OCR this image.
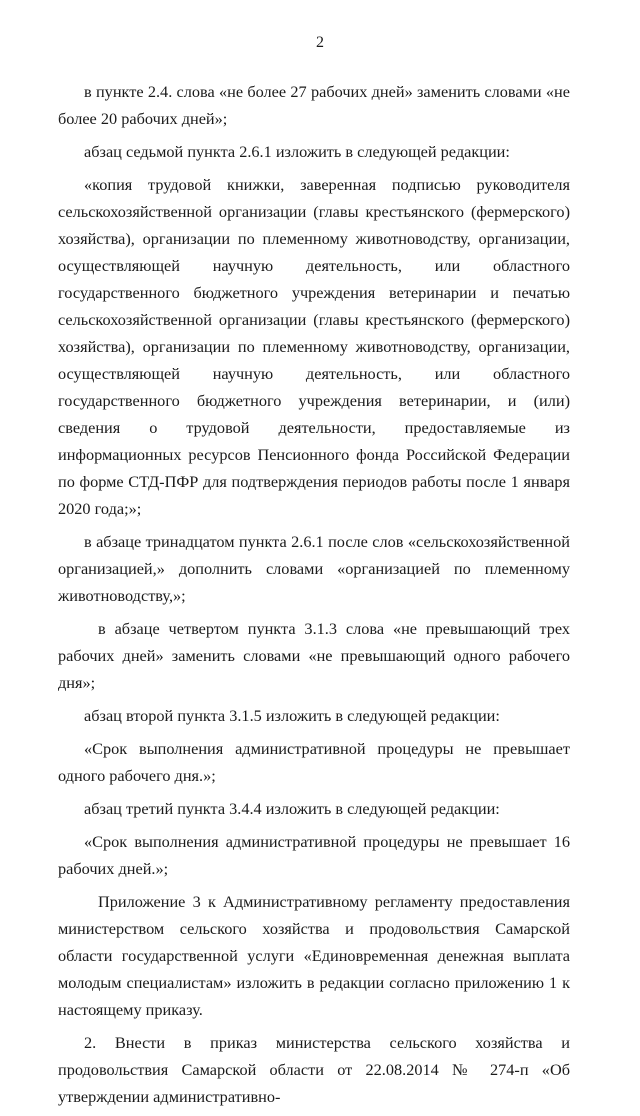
2

в пункте 2.4. слова «не более 27 рабочих дней» заменить словами «не более 20 рабочих дней»;

абзац седьмой пункта 2.6.1 изложить в следующей редакции:

«копия трудовой книжки, заверенная подписью руководителя сельскохозяйственной организации (главы крестьянского (фермерского) хозяйства), организации по племенному животноводству, организации, осуществляющей научную деятельность, или областного государственного бюджетного учреждения ветеринарии и печатью сельскохозяйственной организации (главы крестьянского (фермерского) хозяйства), организации по племенному животноводству, организации, осуществляющей научную деятельность, или областного государственного бюджетного учреждения ветеринарии, и (или) сведения о трудовой деятельности, предоставляемые из информационных ресурсов Пенсионного фонда Российской Федерации по форме СТД-ПФР для подтверждения периодов работы после 1 января 2020 года;»;

в абзаце тринадцатом пункта 2.6.1 после слов «сельскохозяйственной организацией,» дополнить словами «организацией по племенному животноводству,»;

в абзаце четвертом пункта 3.1.3 слова «не превышающий трех рабочих дней» заменить словами «не превышающий одного рабочего дня»;

абзац второй пункта 3.1.5 изложить в следующей редакции:

«Срок выполнения административной процедуры не превышает одного рабочего дня.»;

абзац третий пункта 3.4.4 изложить в следующей редакции:

«Срок выполнения административной процедуры не превышает 16 рабочих дней.»;

Приложение 3 к Административному регламенту предоставления министерством сельского хозяйства и продовольствия Самарской области государственной услуги «Единовременная денежная выплата молодым специалистам» изложить в редакции согласно приложению 1 к настоящему приказу.

2. Внести в приказ министерства сельского хозяйства и продовольствия Самарской области от 22.08.2014 № 274-п «Об утверждении административно-
